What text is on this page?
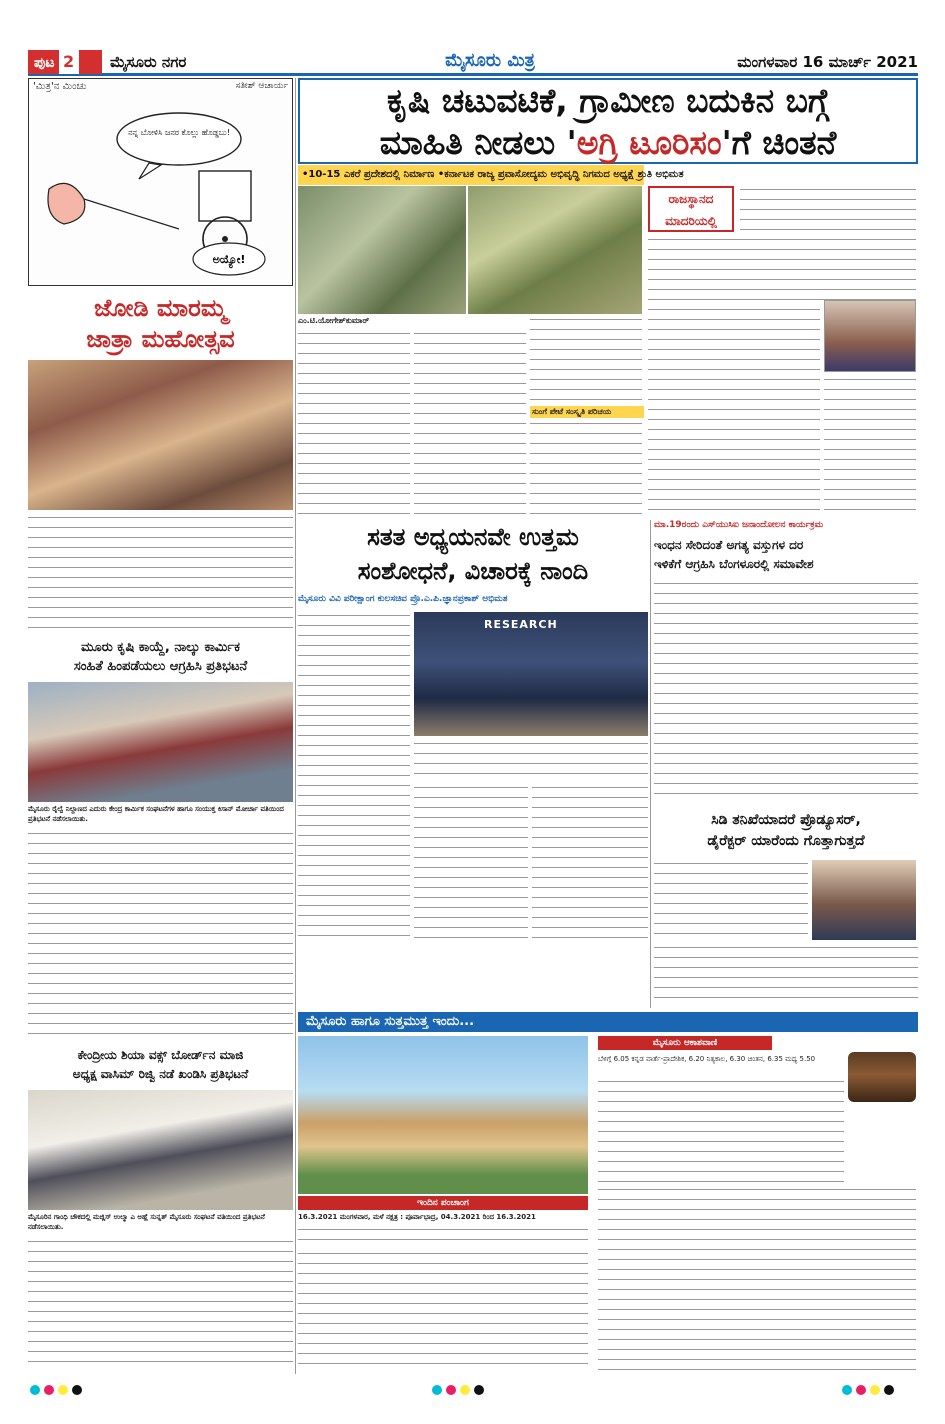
ಪುಟ 2	ಮೈಸೂರು ನಗರ	ಮೈಸೂರು ಮಿತ್ರ	ಮಂಗಳವಾರ 16 ಮಾರ್ಚ್ 2021
'ಮಿತ್ರ'ನ ಮಿಂಚು	ಸತೀಶ್ ಆಚಾರ್ಯ
ನನ್ನ ಬೋಳಿಸಿ ಜನರ ಕೊಲ್ಲು ಹೊಡ್ಡಬು!
ಅಯ್ಯೋ!
ಕೃಷಿ ಚಟುವಟಿಕೆ, ಗ್ರಾಮೀಣ ಬದುಕಿನ ಬಗ್ಗೆ
ಮಾಹಿತಿ ನೀಡಲು 'ಅಗ್ರಿ ಟೂರಿಸಂ'ಗೆ ಚಿಂತನೆ
•10-15 ಎಕರೆ ಪ್ರದೇಶದಲ್ಲಿ ನಿರ್ಮಾಣ •ಕರ್ನಾಟಕ ರಾಜ್ಯ ಪ್ರವಾಸೋದ್ಯಮ ಅಭಿವೃದ್ಧಿ ನಿಗಮದ ಅಧ್ಯಕ್ಷೆ ಶ್ರುತಿ ಅಭಿಮತ
ರಾಜಸ್ಥಾನದ ಮಾದರಿಯಲ್ಲಿ
ಎಂ.ಟಿ.ಯೋಗೇಶ್‌ಕುಮಾರ್
ಸುಂಗೆ ಪೇಟೆ ಸಂಸ್ಕೃತಿ ಪರಿಚಯ
ಜೋಡಿ ಮಾರಮ್ಮ
ಜಾತ್ರಾ ಮಹೋತ್ಸವ
ಮೂರು ಕೃಷಿ ಕಾಯ್ದೆ, ನಾಲ್ಕು ಕಾರ್ಮಿಕ
ಸಂಹಿತೆ ಹಿಂಪಡೆಯಲು ಆಗ್ರಹಿಸಿ ಪ್ರತಿಭಟನೆ
ಮೈಸೂರು ರೈಲ್ವೆ ನಿಲ್ದಾಣದ ಎದುರು ಕೇಂದ್ರ ಕಾರ್ಮಿಕ ಸಂಘಟನೆಗಳ ಹಾಗೂ ಸಂಯುಕ್ತ ಕಿಸಾನ್ ಮೋರ್ಚಾ ವತಿಯಿಂದ ಪ್ರತಿಭಟನೆ ನಡೆಸಲಾಯಿತು.
ಕೇಂದ್ರೀಯ ಶಿಯಾ ವಕ್ಸ್ ಬೋರ್ಡ್‌ನ ಮಾಜಿ
ಅಧ್ಯಕ್ಷ ವಾಸಿಮ್ ರಿಜ್ವಿ ನಡೆ ಖಂಡಿಸಿ ಪ್ರತಿಭಟನೆ
ಮೈಸೂರಿನ ಗಾಂಧಿ ಚೌಕದಲ್ಲಿ ಮಜ್ಲಿಸ್ ಉಲ್ಮಾ ಎ ಅಹ್ಲೆ ಸುನ್ನತ್ ಮೈಸೂರು ಸಂಘಟನೆ ವತಿಯಿಂದ ಪ್ರತಿಭಟನೆ ನಡೆಸಲಾಯಿತು.
ಸತತ ಅಧ್ಯಯನವೇ ಉತ್ತಮ
ಸಂಶೋಧನೆ, ವಿಚಾರಕ್ಕೆ ನಾಂದಿ
ಮೈಸೂರು ವಿವಿ ಪರೀಕ್ಷಾಂಗ ಕುಲಸಚಿವ ಪ್ರೊ.ಎ.ಪಿ.ಜ್ಞಾನಪ್ರಕಾಶ್ ಅಭಿಮತ
RESEARCH
ಮಾ.19ರಂದು ಎಸ್‌ಯುಸಿಐ ಜನಾಂದೋಲನ ಕಾರ್ಯಕ್ರಮ
ಇಂಧನ ಸೇರಿದಂತೆ ಅಗತ್ಯ ವಸ್ತುಗಳ ದರ
ಇಳಿಕೆಗೆ ಆಗ್ರಹಿಸಿ ಬೆಂಗಳೂರಲ್ಲಿ ಸಮಾವೇಶ
ಸಿಡಿ ತನಿಖೆಯಾದರೆ ಪ್ರೊಡ್ಯೂಸರ್,
ಡೈರೆಕ್ಟರ್ ಯಾರೆಂದು ಗೊತ್ತಾಗುತ್ತದೆ
ಮೈಸೂರು ಹಾಗೂ ಸುತ್ತಮುತ್ತ ಇಂದು...
ಇಂದಿನ ಪಂಚಾಂಗ
16.3.2021 ಮಂಗಳವಾರ, ಮಳೆ ನಕ್ಷತ್ರ : ಪೂರ್ವಾಭಾದ್ರ, 04.3.2021 ರಿಂದ 16.3.2021
ಮೈಸೂರು ಆಕಾಶವಾಣಿ
ಬೆಳಿಗ್ಗೆ 6.05 ಕನ್ನಡ ವಾರ್ತೆ-ಪ್ರಾದೇಶಿಕ, 6.20 ನಿತ್ಯಕಾಲ, 6.30 ಚಿಂತನ, 6.35 ಮಧ್ಯ 5.50
